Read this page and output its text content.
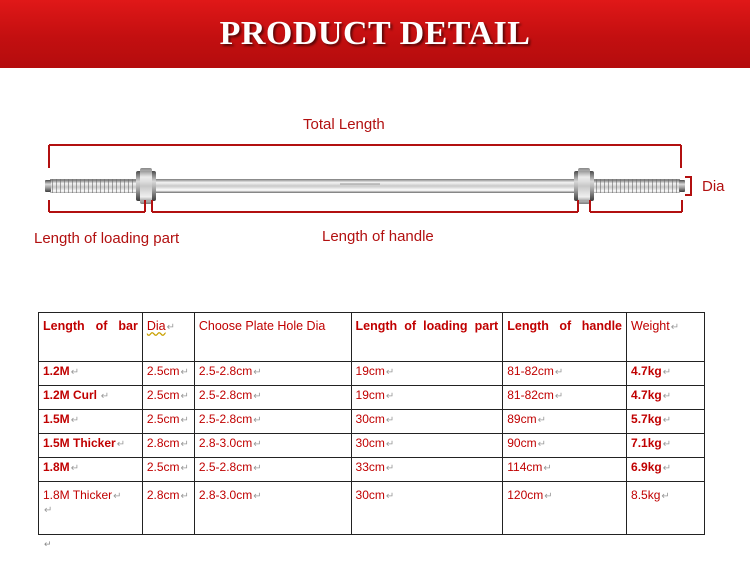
PRODUCT DETAIL
Total Length
Dia
Length of loading part	Length of handle
Length of bar	Dia↵	Choose Plate Hole Dia	Length of loading part	Length of handle	Weight↵
1.2M↵	2.5cm↵	2.5-2.8cm↵	19cm↵	81-82cm↵	4.7kg↵
1.2M Curl ↵	2.5cm↵	2.5-2.8cm↵	19cm↵	81-82cm↵	4.7kg↵
1.5M↵	2.5cm↵	2.5-2.8cm↵	30cm↵	89cm↵	5.7kg↵
1.5M Thicker↵	2.8cm↵	2.8-3.0cm↵	30cm↵	90cm↵	7.1kg↵
1.8M↵	2.5cm↵	2.5-2.8cm↵	33cm↵	114cm↵	6.9kg↵
1.8M Thicker↵
↵	2.8cm↵	2.8-3.0cm↵	30cm↵	120cm↵	8.5kg↵
↵
